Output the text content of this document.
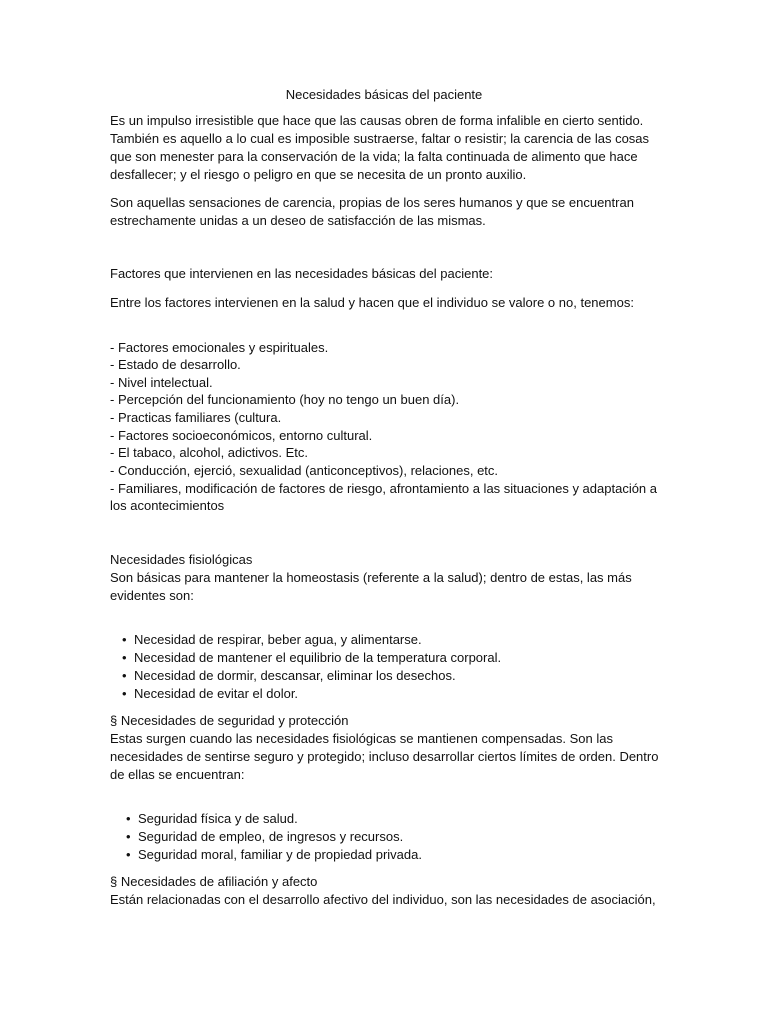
Necesidades básicas del paciente
Es un impulso irresistible que hace que las causas obren de forma infalible en cierto sentido.
También es aquello a lo cual es imposible sustraerse, faltar o resistir; la carencia de las cosas
que son menester para la conservación de la vida; la falta continuada de alimento que hace
desfallecer; y el riesgo o peligro en que se necesita de un pronto auxilio.
Son aquellas sensaciones de carencia, propias de los seres humanos y que se encuentran
estrechamente unidas a un deseo de satisfacción de las mismas.
Factores que intervienen en las necesidades básicas del paciente:
Entre los factores intervienen en la salud y hacen que el individuo se valore o no, tenemos:
- Factores emocionales y espirituales.
- Estado de desarrollo.
- Nivel intelectual.
- Percepción del funcionamiento (hoy no tengo un buen día).
- Practicas familiares (cultura.
- Factores socioeconómicos, entorno cultural.
- El tabaco, alcohol, adictivos. Etc.
- Conducción, ejerció, sexualidad (anticonceptivos), relaciones, etc.
- Familiares, modificación de factores de riesgo, afrontamiento a las situaciones y adaptación a
los acontecimientos
Necesidades fisiológicas
Son básicas para mantener la homeostasis (referente a la salud); dentro de estas, las más
evidentes son:
• Necesidad de respirar, beber agua, y alimentarse.
• Necesidad de mantener el equilibrio de la temperatura corporal.
• Necesidad de dormir, descansar, eliminar los desechos.
• Necesidad de evitar el dolor.
§ Necesidades de seguridad y protección
Estas surgen cuando las necesidades fisiológicas se mantienen compensadas. Son las
necesidades de sentirse seguro y protegido; incluso desarrollar ciertos límites de orden. Dentro
de ellas se encuentran:
• Seguridad física y de salud.
• Seguridad de empleo, de ingresos y recursos.
• Seguridad moral, familiar y de propiedad privada.
§ Necesidades de afiliación y afecto
Están relacionadas con el desarrollo afectivo del individuo, son las necesidades de asociación,
